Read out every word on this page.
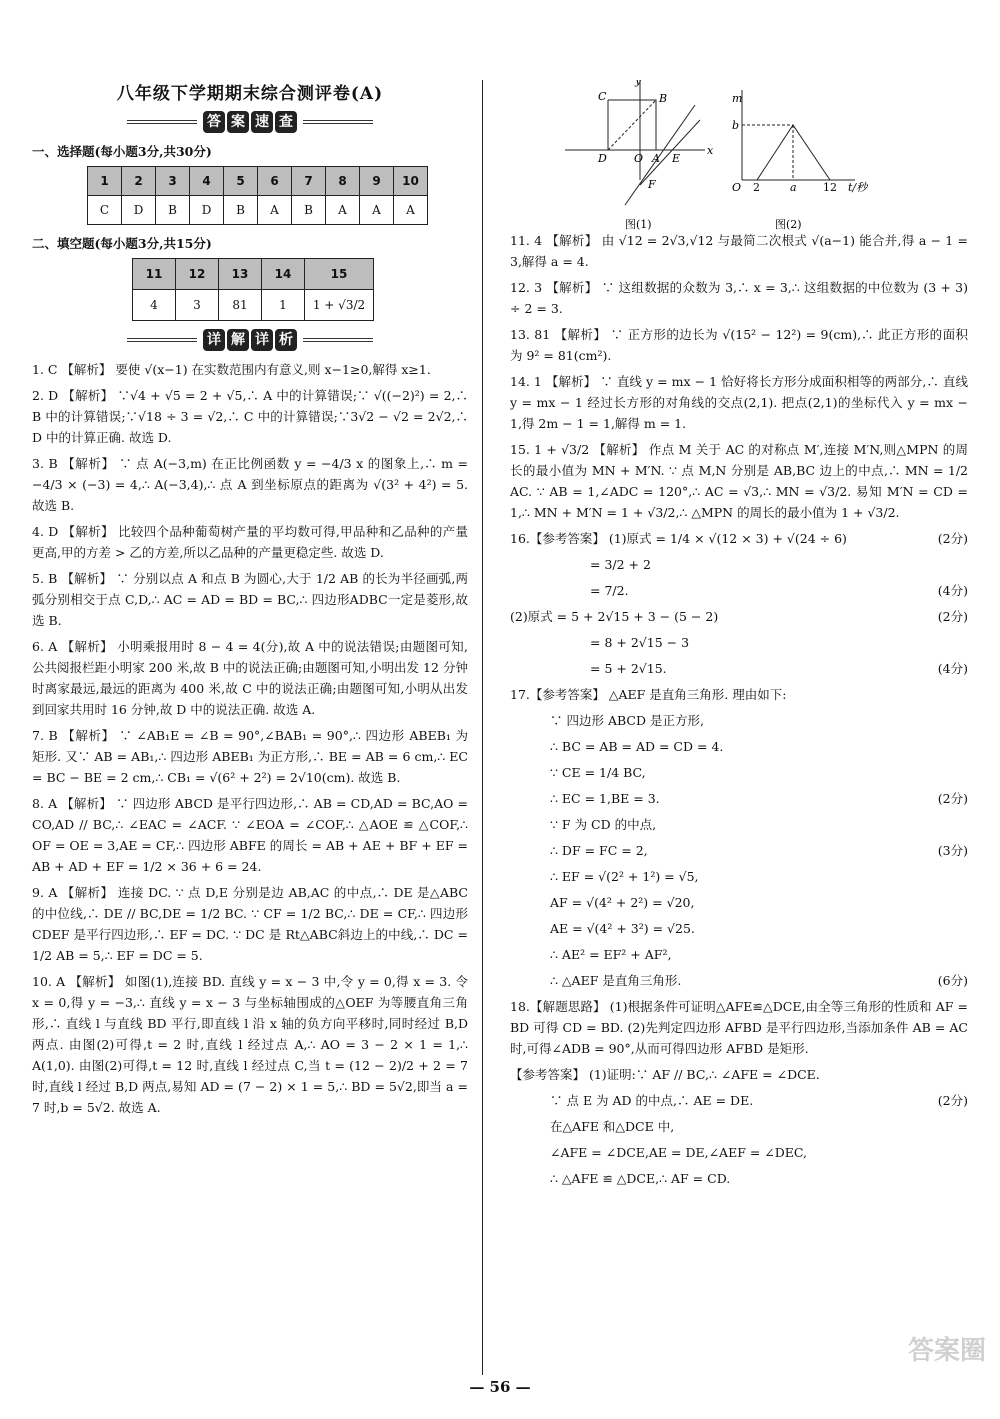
八年级下学期期末综合测评卷(A)
答 案 速 查
一、选择题(每小题3分,共30分)
1	2	3	4	5	6	7	8	9	10
C	D	B	D	B	A	B	A	A	A
二、填空题(每小题3分,共15分)
11	12	13	14	15
4	3	81	1	1 + √3/2
详 解 详 析

1. C 【解析】 要使 √(x−1) 在实数范围内有意义,则 x−1≥0,解得 x≥1.

2. D 【解析】 ∵√4 + √5 = 2 + √5,∴ A 中的计算错误;∵ √((−2)²) = 2,∴ B 中的计算错误;∵√18 ÷ 3 = √2,∴ C 中的计算错误;∵3√2 − √2 = 2√2,∴ D 中的计算正确. 故选 D.

3. B 【解析】 ∵ 点 A(−3,m) 在正比例函数 y = −4/3 x 的图象上,∴ m = −4/3 × (−3) = 4,∴ A(−3,4),∴ 点 A 到坐标原点的距离为 √(3² + 4²) = 5. 故选 B.

4. D 【解析】 比较四个品种葡萄树产量的平均数可得,甲品种和乙品种的产量更高,甲的方差 > 乙的方差,所以乙品种的产量更稳定些. 故选 D.

5. B 【解析】 ∵ 分别以点 A 和点 B 为圆心,大于 1/2 AB 的长为半径画弧,两弧分别相交于点 C,D,∴ AC = AD = BD = BC,∴ 四边形ADBC一定是菱形,故选 B.

6. A 【解析】 小明乘报用时 8 − 4 = 4(分),故 A 中的说法错误;由题图可知,公共阅报栏距小明家 200 米,故 B 中的说法正确;由题图可知,小明出发 12 分钟时离家最远,最远的距离为 400 米,故 C 中的说法正确;由题图可知,小明从出发到回家共用时 16 分钟,故 D 中的说法正确. 故选 A.

7. B 【解析】 ∵ ∠AB₁E = ∠B = 90°,∠BAB₁ = 90°,∴ 四边形 ABEB₁ 为矩形. 又∵ AB = AB₁,∴ 四边形 ABEB₁ 为正方形,∴ BE = AB = 6 cm,∴ EC = BC − BE = 2 cm,∴ CB₁ = √(6² + 2²) = 2√10(cm). 故选 B.

8. A 【解析】 ∵ 四边形 ABCD 是平行四边形,∴ AB = CD,AD = BC,AO = CO,AD // BC,∴ ∠EAC = ∠ACF. ∵ ∠EOA = ∠COF,∴ △AOE ≌ △COF,∴ OF = OE = 3,AE = CF,∴ 四边形 ABFE 的周长 = AB + AE + BF + EF = AB + AD + EF = 1/2 × 36 + 6 = 24.

9. A 【解析】 连接 DC. ∵ 点 D,E 分别是边 AB,AC 的中点,∴ DE 是△ABC 的中位线,∴ DE // BC,DE = 1/2 BC. ∵ CF = 1/2 BC,∴ DE = CF,∴ 四边形 CDEF 是平行四边形,∴ EF = DC. ∵ DC 是 Rt△ABC斜边上的中线,∴ DC = 1/2 AB = 5,∴ EF = DC = 5.

10. A 【解析】 如图(1),连接 BD. 直线 y = x − 3 中,令 y = 0,得 x = 3. 令 x = 0,得 y = −3,∴ 直线 y = x − 3 与坐标轴围成的△OEF 为等腰直角三角形,∴ 直线 l 与直线 BD 平行,即直线 l 沿 x 轴的负方向平移时,同时经过 B,D 两点. 由图(2)可得,t = 2 时,直线 l 经过点 A,∴ AO = 3 − 2 × 1 = 1,∴ A(1,0). 由图(2)可得,t = 12 时,直线 l 经过点 C,当 t = (12 − 2)/2 + 2 = 7 时,直线 l 经过 B,D 两点,易知 AD = (7 − 2) × 1 = 5,∴ BD = 5√2,即当 a = 7 时,b = 5√2. 故选 A.

C	B
D O A E
F
x
y
图(1)
m
b
O 2	a 12 t/秒
图(2)

11. 4 【解析】 由 √12 = 2√3,√12 与最简二次根式 √(a−1) 能合并,得 a − 1 = 3,解得 a = 4.

12. 3 【解析】 ∵ 这组数据的众数为 3,∴ x = 3,∴ 这组数据的中位数为 (3 + 3) ÷ 2 = 3.

13. 81 【解析】 ∵ 正方形的边长为 √(15² − 12²) = 9(cm),∴ 此正方形的面积为 9² = 81(cm²).

14. 1 【解析】 ∵ 直线 y = mx − 1 恰好将长方形分成面积相等的两部分,∴ 直线 y = mx − 1 经过长方形的对角线的交点(2,1). 把点(2,1)的坐标代入 y = mx − 1,得 2m − 1 = 1,解得 m = 1.

15. 1 + √3/2 【解析】 作点 M 关于 AC 的对称点 M′,连接 M′N,则△MPN 的周长的最小值为 MN + M′N. ∵ 点 M,N 分别是 AB,BC 边上的中点,∴ MN = 1/2 AC. ∵ AB = 1,∠ADC = 120°,∴ AC = √3,∴ MN = √3/2. 易知 M′N = CD = 1,∴ MN + M′N = 1 + √3/2,∴ △MPN 的周长的最小值为 1 + √3/2.

16.【参考答案】 (1)原式 = 1/4 × √(12 × 3) + √(24 ÷ 6)	(2分)

= 3/2 + 2

= 7/2.	(4分)

(2)原式 = 5 + 2√15 + 3 − (5 − 2)	(2分)

= 8 + 2√15 − 3

= 5 + 2√15.	(4分)

17.【参考答案】 △AEF 是直角三角形. 理由如下:

∵ 四边形 ABCD 是正方形,

∴ BC = AB = AD = CD = 4.

∵ CE = 1/4 BC,

∴ EC = 1,BE = 3.	(2分)

∵ F 为 CD 的中点,

∴ DF = FC = 2,	(3分)

∴ EF = √(2² + 1²) = √5,

AF = √(4² + 2²) = √20,

AE = √(4² + 3²) = √25.

∴ AE² = EF² + AF²,

∴ △AEF 是直角三角形.	(6分)

18.【解题思路】 (1)根据条件可证明△AFE≌△DCE,由全等三角形的性质和 AF = BD 可得 CD = BD. (2)先判定四边形 AFBD 是平行四边形,当添加条件 AB = AC 时,可得∠ADB = 90°,从而可得四边形 AFBD 是矩形.

【参考答案】 (1)证明:∵ AF // BC,∴ ∠AFE = ∠DCE.

∵ 点 E 为 AD 的中点,∴ AE = DE.	(2分)

在△AFE 和△DCE 中,

∠AFE = ∠DCE,AE = DE,∠AEF = ∠DEC,

∴ △AFE ≌ △DCE,∴ AF = CD.

— 56 —
答案圈
